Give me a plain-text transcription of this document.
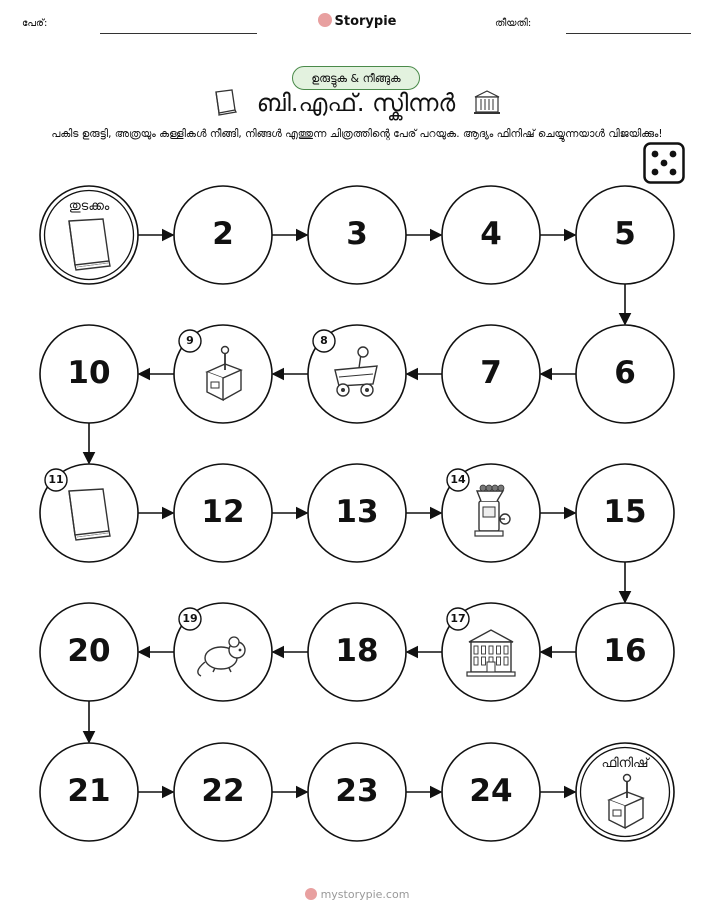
പേര്:	Storypie	തീയതി:
ഉരുട്ടുക & നീങ്ങുക
ബി.എഫ്. സ്കിന്നർ
പകിട ഉരുട്ടി, അത്രയും കള്ളികൾ നീങ്ങി, നിങ്ങൾ എത്തുന്ന ചിത്രത്തിന്റെ പേര് പറയുക. ആദ്യം ഫിനിഷ് ചെയ്യുന്നയാൾ വിജയിക്കും!
തുടക്കം
2	3	4	5
6
7
8
9
10
11
12	13
14
15
16
17
18
19
20
21	22	23	24
ഫിനിഷ്
mystorypie.com
